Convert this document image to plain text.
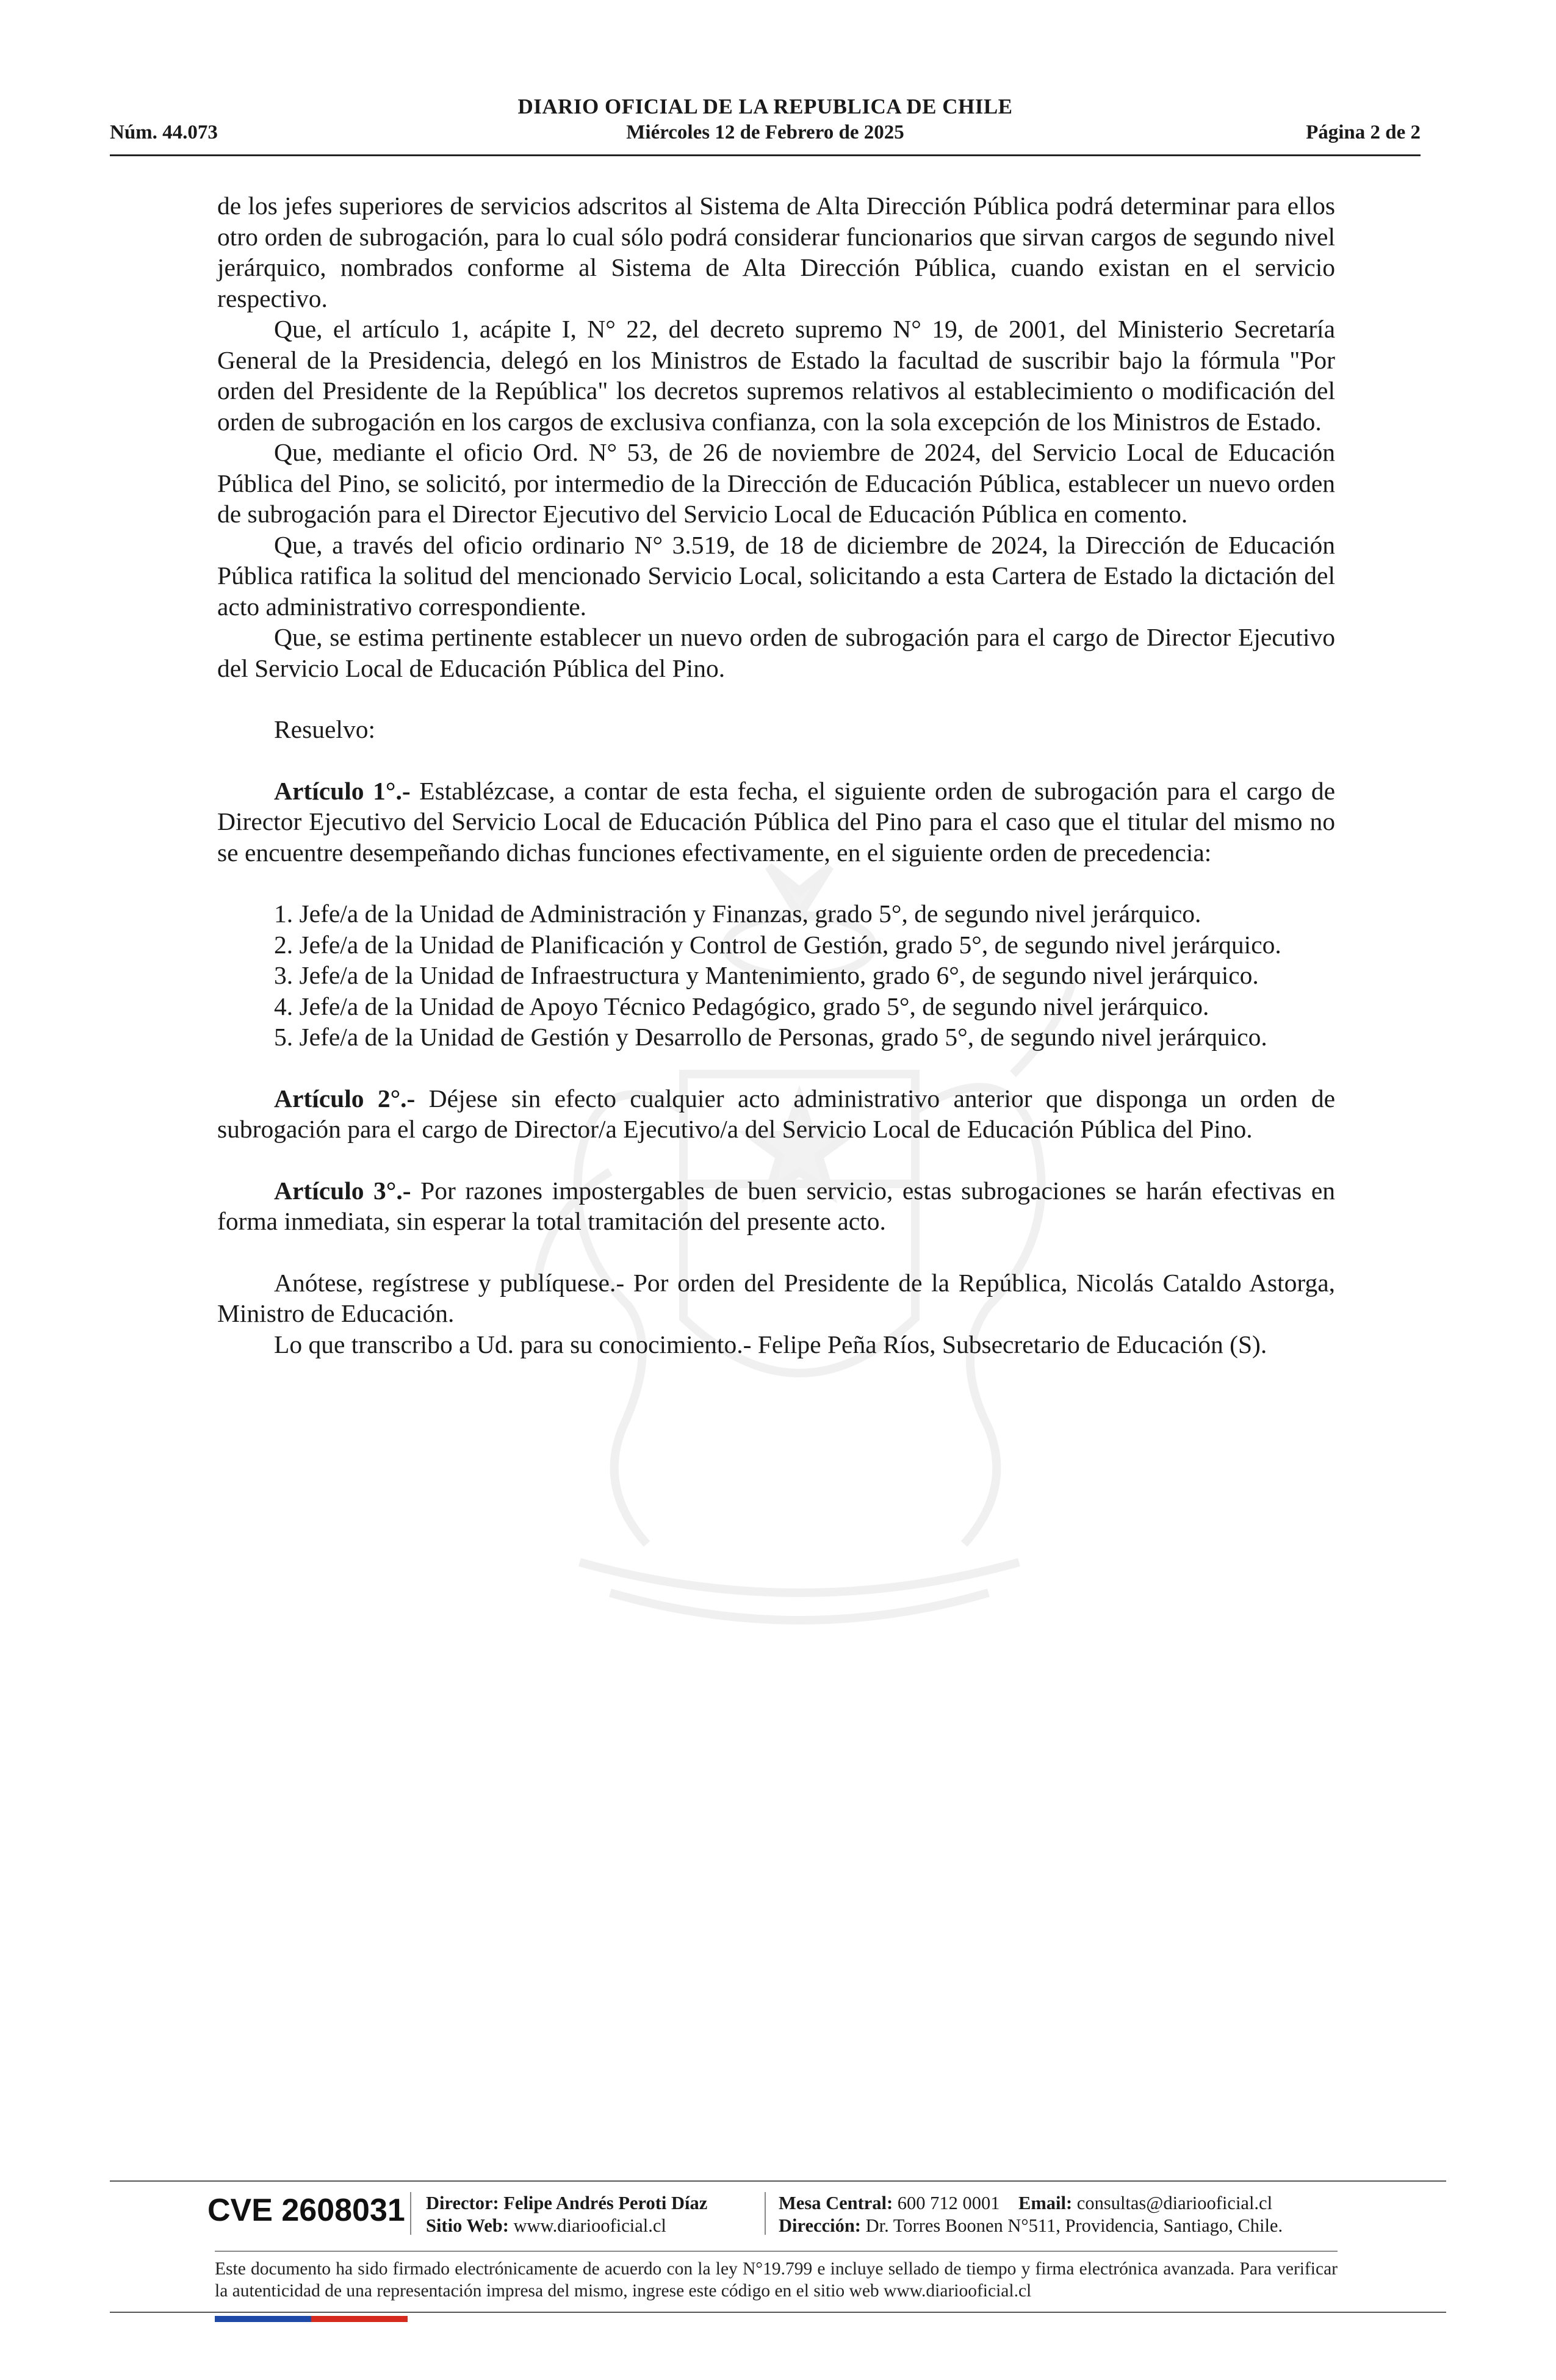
DIARIO OFICIAL DE LA REPUBLICA DE CHILE
Núm. 44.073	Miércoles 12 de Febrero de 2025	Página 2 de 2

de los jefes superiores de servicios adscritos al Sistema de Alta Dirección Pública podrá determinar para ellos otro orden de subrogación, para lo cual sólo podrá considerar funcionarios que sirvan cargos de segundo nivel jerárquico, nombrados conforme al Sistema de Alta Dirección Pública, cuando existan en el servicio respectivo.

Que, el artículo 1, acápite I, N° 22, del decreto supremo N° 19, de 2001, del Ministerio Secretaría General de la Presidencia, delegó en los Ministros de Estado la facultad de suscribir bajo la fórmula "Por orden del Presidente de la República" los decretos supremos relativos al establecimiento o modificación del orden de subrogación en los cargos de exclusiva confianza, con la sola excepción de los Ministros de Estado.

Que, mediante el oficio Ord. N° 53, de 26 de noviembre de 2024, del Servicio Local de Educación Pública del Pino, se solicitó, por intermedio de la Dirección de Educación Pública, establecer un nuevo orden de subrogación para el Director Ejecutivo del Servicio Local de Educación Pública en comento.

Que, a través del oficio ordinario N° 3.519, de 18 de diciembre de 2024, la Dirección de Educación Pública ratifica la solitud del mencionado Servicio Local, solicitando a esta Cartera de Estado la dictación del acto administrativo correspondiente.

Que, se estima pertinente establecer un nuevo orden de subrogación para el cargo de Director Ejecutivo del Servicio Local de Educación Pública del Pino.

Resuelvo:

Artículo 1°.- Establézcase, a contar de esta fecha, el siguiente orden de subrogación para el cargo de Director Ejecutivo del Servicio Local de Educación Pública del Pino para el caso que el titular del mismo no se encuentre desempeñando dichas funciones efectivamente, en el siguiente orden de precedencia:

1. Jefe/a de la Unidad de Administración y Finanzas, grado 5°, de segundo nivel jerárquico.

2. Jefe/a de la Unidad de Planificación y Control de Gestión, grado 5°, de segundo nivel jerárquico.

3. Jefe/a de la Unidad de Infraestructura y Mantenimiento, grado 6°, de segundo nivel jerárquico.

4. Jefe/a de la Unidad de Apoyo Técnico Pedagógico, grado 5°, de segundo nivel jerárquico.

5. Jefe/a de la Unidad de Gestión y Desarrollo de Personas, grado 5°, de segundo nivel jerárquico.

Artículo 2°.- Déjese sin efecto cualquier acto administrativo anterior que disponga un orden de subrogación para el cargo de Director/a Ejecutivo/a del Servicio Local de Educación Pública del Pino.

Artículo 3°.- Por razones impostergables de buen servicio, estas subrogaciones se harán efectivas en forma inmediata, sin esperar la total tramitación del presente acto.

Anótese, regístrese y publíquese.- Por orden del Presidente de la República, Nicolás Cataldo Astorga, Ministro de Educación.

Lo que transcribo a Ud. para su conocimiento.- Felipe Peña Ríos, Subsecretario de Educación (S).

CVE 2608031 Director: Felipe Andrés Peroti Díaz
Sitio Web: www.diariooficial.cl
Mesa Central: 600 712 0001 Email: consultas@diariooficial.cl
Dirección: Dr. Torres Boonen N°511, Providencia, Santiago, Chile.
Este documento ha sido firmado electrónicamente de acuerdo con la ley N°19.799 e incluye sellado de tiempo y firma electrónica avanzada. Para verificar la autenticidad de una representación impresa del mismo, ingrese este código en el sitio web www.diariooficial.cl
